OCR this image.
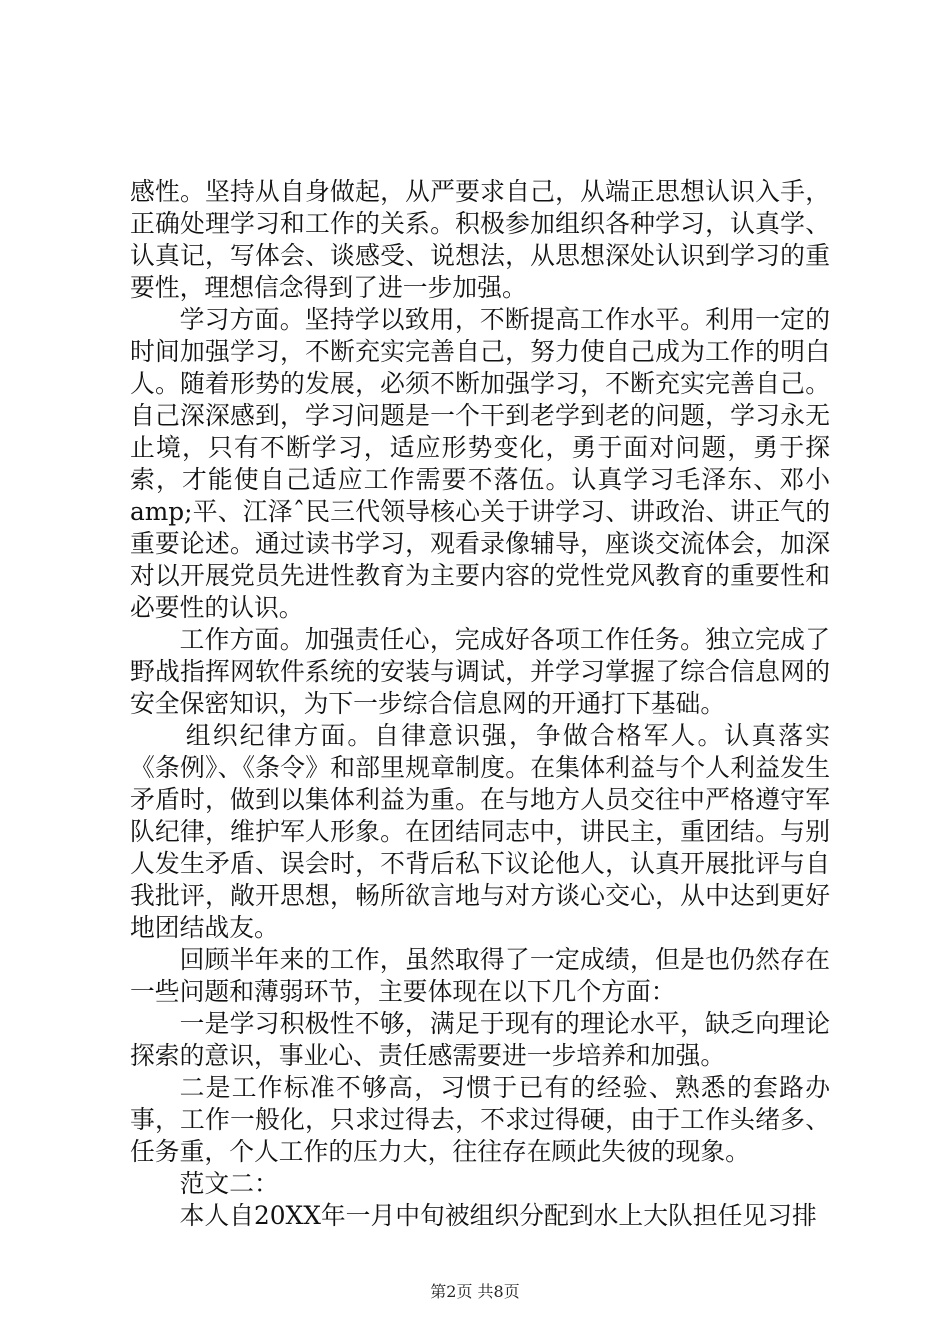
感性。坚持从自身做起，从严要求自己，从端正思想认识入手，正确处理学习和工作的关系。积极参加组织各种学习，认真学、认真记，写体会、谈感受、说想法，从思想深处认识到学习的重要性，理想信念得到了进一步加强。

学习方面。坚持学以致用，不断提高工作水平。利用一定的时间加强学习，不断充实完善自己，努力使自己成为工作的明白人。随着形势的发展，必须不断加强学习，不断充实完善自己。自己深深感到，学习问题是一个干到老学到老的问题，学习永无止境，只有不断学习，适应形势变化，勇于面对问题，勇于探索，才能使自己适应工作需要不落伍。认真学习毛泽东、邓小 amp;平、江泽ˆ民三代领导核心关于讲学习、讲政治、讲正气的重要论述。通过读书学习，观看录像辅导，座谈交流体会，加深对以开展党员先进性教育为主要内容的党性党风教育的重要性和必要性的认识。

工作方面。加强责任心，完成好各项工作任务。独立完成了野战指挥网软件系统的安装与调试，并学习掌握了综合信息网的安全保密知识，为下一步综合信息网的开通打下基础。

组织纪律方面。自律意识强，争做合格军人。认真落实《条例》、《条令》和部里规章制度。在集体利益与个人利益发生矛盾时，做到以集体利益为重。在与地方人员交往中严格遵守军队纪律，维护军人形象。在团结同志中，讲民主，重团结。与别人发生矛盾、误会时，不背后私下议论他人，认真开展批评与自我批评，敞开思想，畅所欲言地与对方谈心交心，从中达到更好地团结战友。

回顾半年来的工作，虽然取得了一定成绩，但是也仍然存在一些问题和薄弱环节，主要体现在以下几个方面：

一是学习积极性不够，满足于现有的理论水平，缺乏向理论探索的意识，事业心、责任感需要进一步培养和加强。

二是工作标准不够高，习惯于已有的经验、熟悉的套路办事，工作一般化，只求过得去，不求过得硬，由于工作头绪多、任务重，个人工作的压力大，往往存在顾此失彼的现象。

范文二：

本人自20XX年一月中旬被组织分配到水上大队担任见习排

第2页 共8页
